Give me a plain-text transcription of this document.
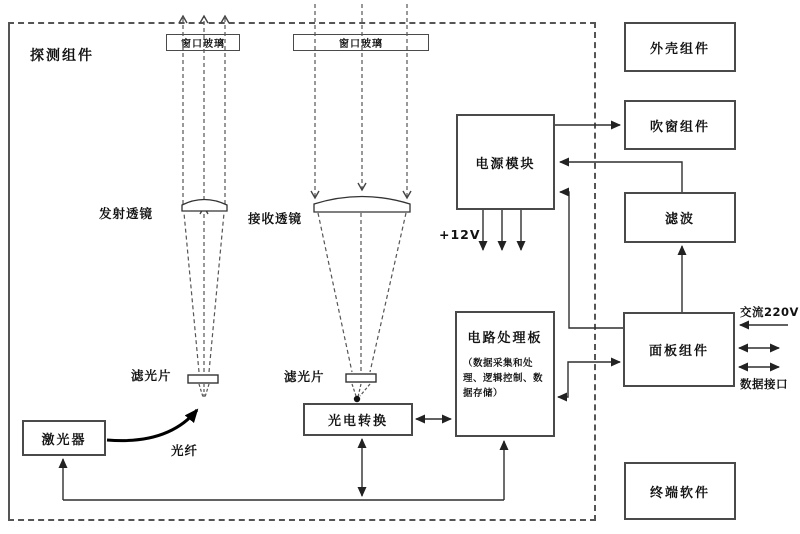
探测组件
窗口玻璃	窗口玻璃
激光器
光电转换
电源模块
电路处理板
（数据采集和处理、逻辑控制、数据存储）
外壳组件
吹窗组件
滤波
面板组件
终端软件
发射透镜	接收透镜
滤光片	滤光片
光纤
+12V
交流220V
数据接口
